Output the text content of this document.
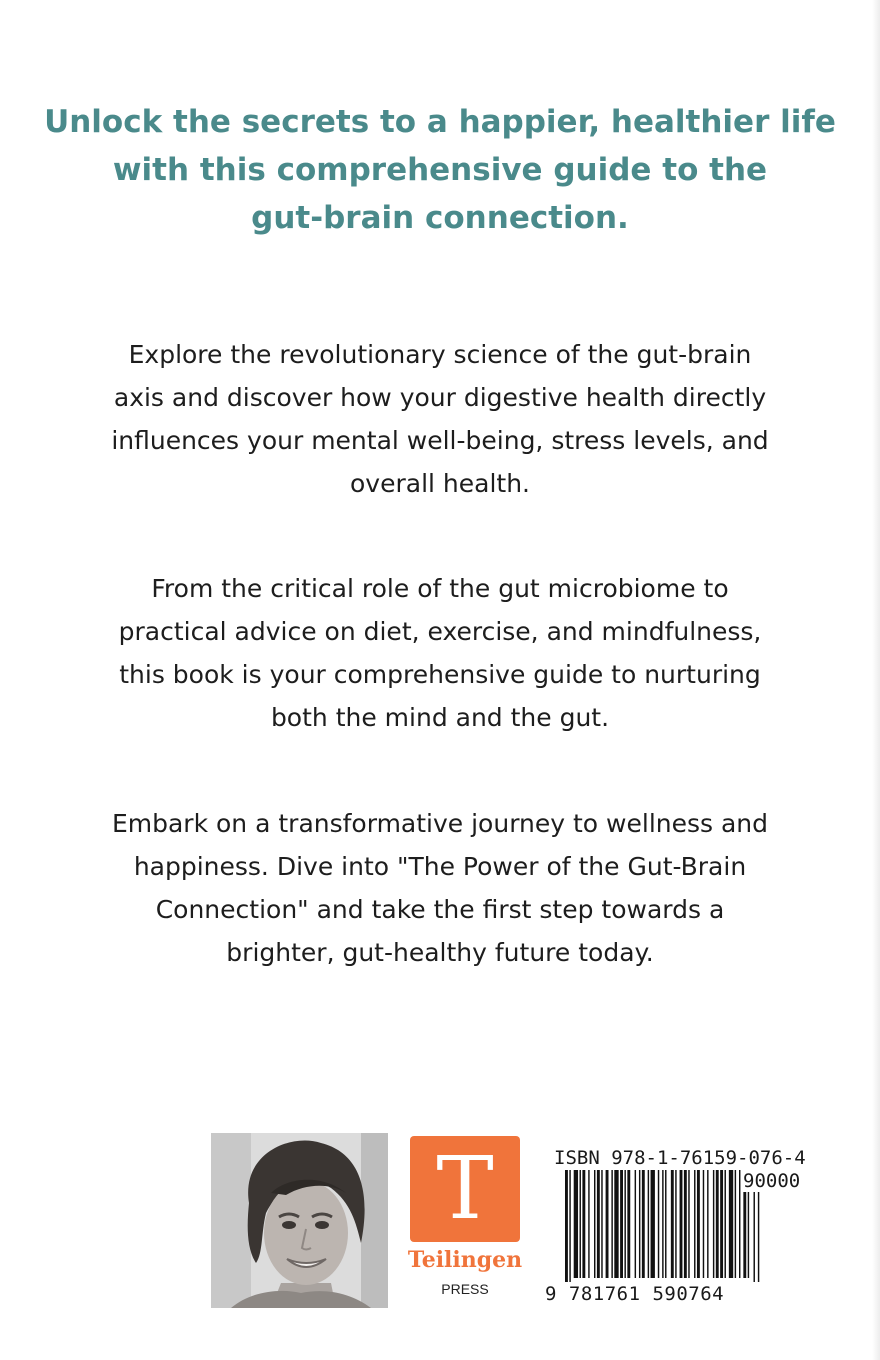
Unlock the secrets to a happier, healthier life
with this comprehensive guide to the
gut-brain connection.

Explore the revolutionary science of the gut-brain
axis and discover how your digestive health directly
influences your mental well-being, stress levels, and
overall health.

From the critical role of the gut microbiome to
practical advice on diet, exercise, and mindfulness,
this book is your comprehensive guide to nurturing
both the mind and the gut.

Embark on a transformative journey to wellness and
happiness. Dive into "The Power of the Gut-Brain
Connection" and take the first step towards a
brighter, gut-healthy future today.

T
Teilingen
PRESS
ISBN 978-1-76159-076-4
90000
9 781761 590764
